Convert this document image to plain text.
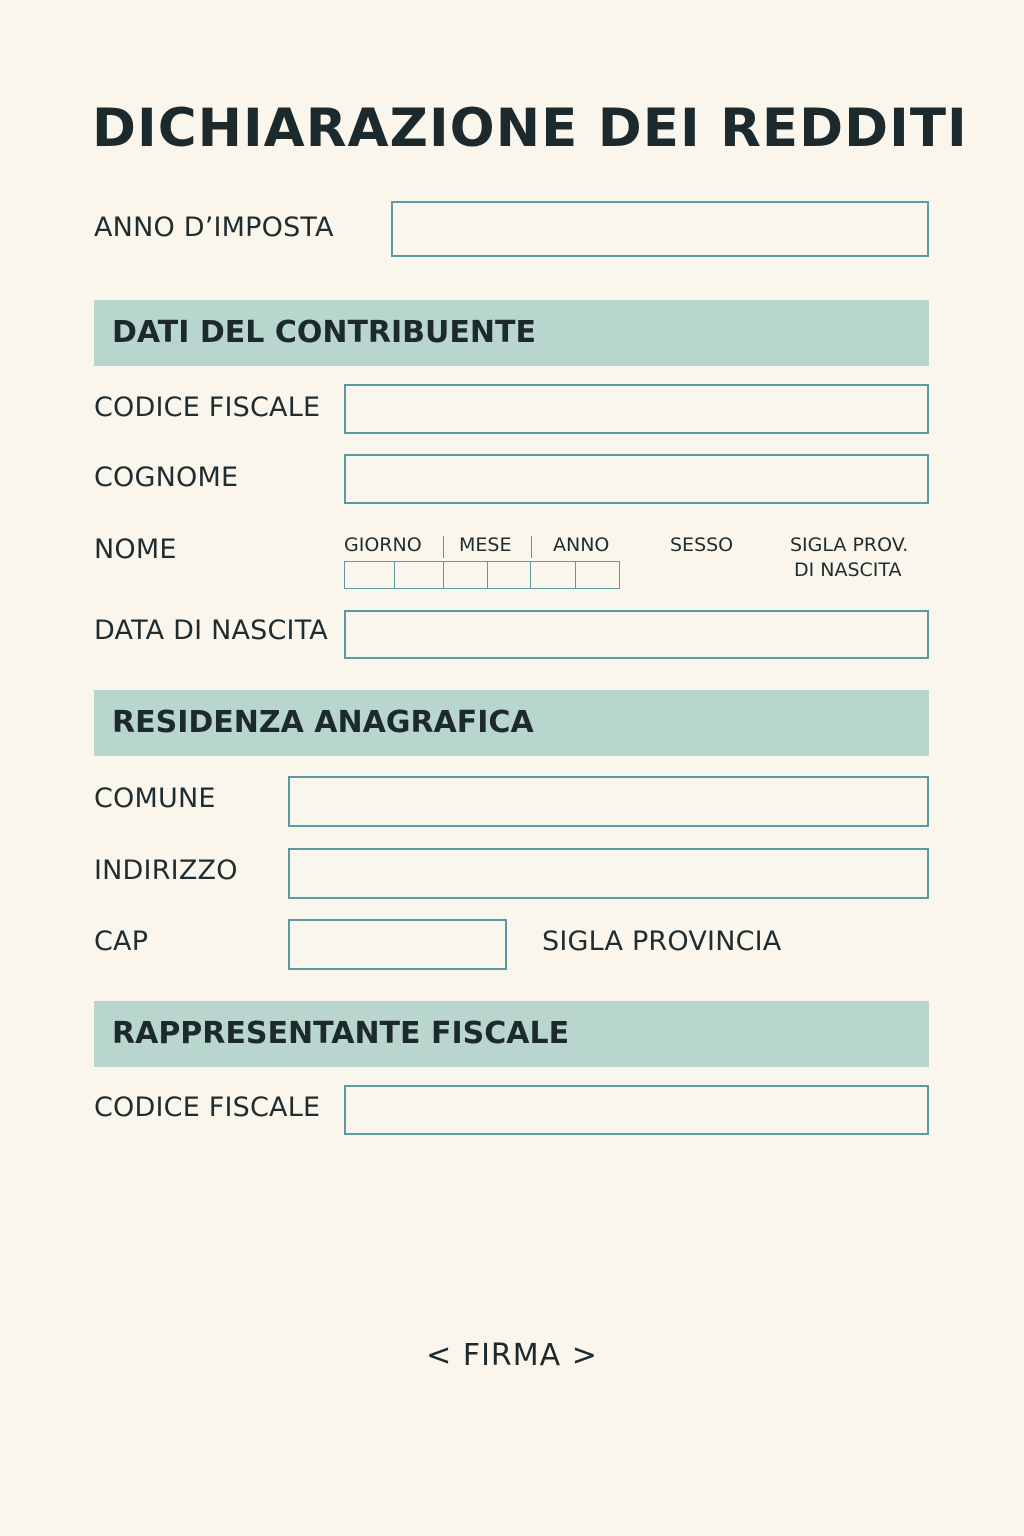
DICHIARAZIONE DEI REDDITI
ANNO D’IMPOSTA
DATI DEL CONTRIBUENTE
CODICE FISCALE
COGNOME
NOME	GIORNO MESE ANNO	SESSO	SIGLA PROV.
DI NASCITA
DATA DI NASCITA
RESIDENZA ANAGRAFICA
COMUNE
INDIRIZZO
CAP	SIGLA PROVINCIA
RAPPRESENTANTE FISCALE
CODICE FISCALE
< FIRMA >
